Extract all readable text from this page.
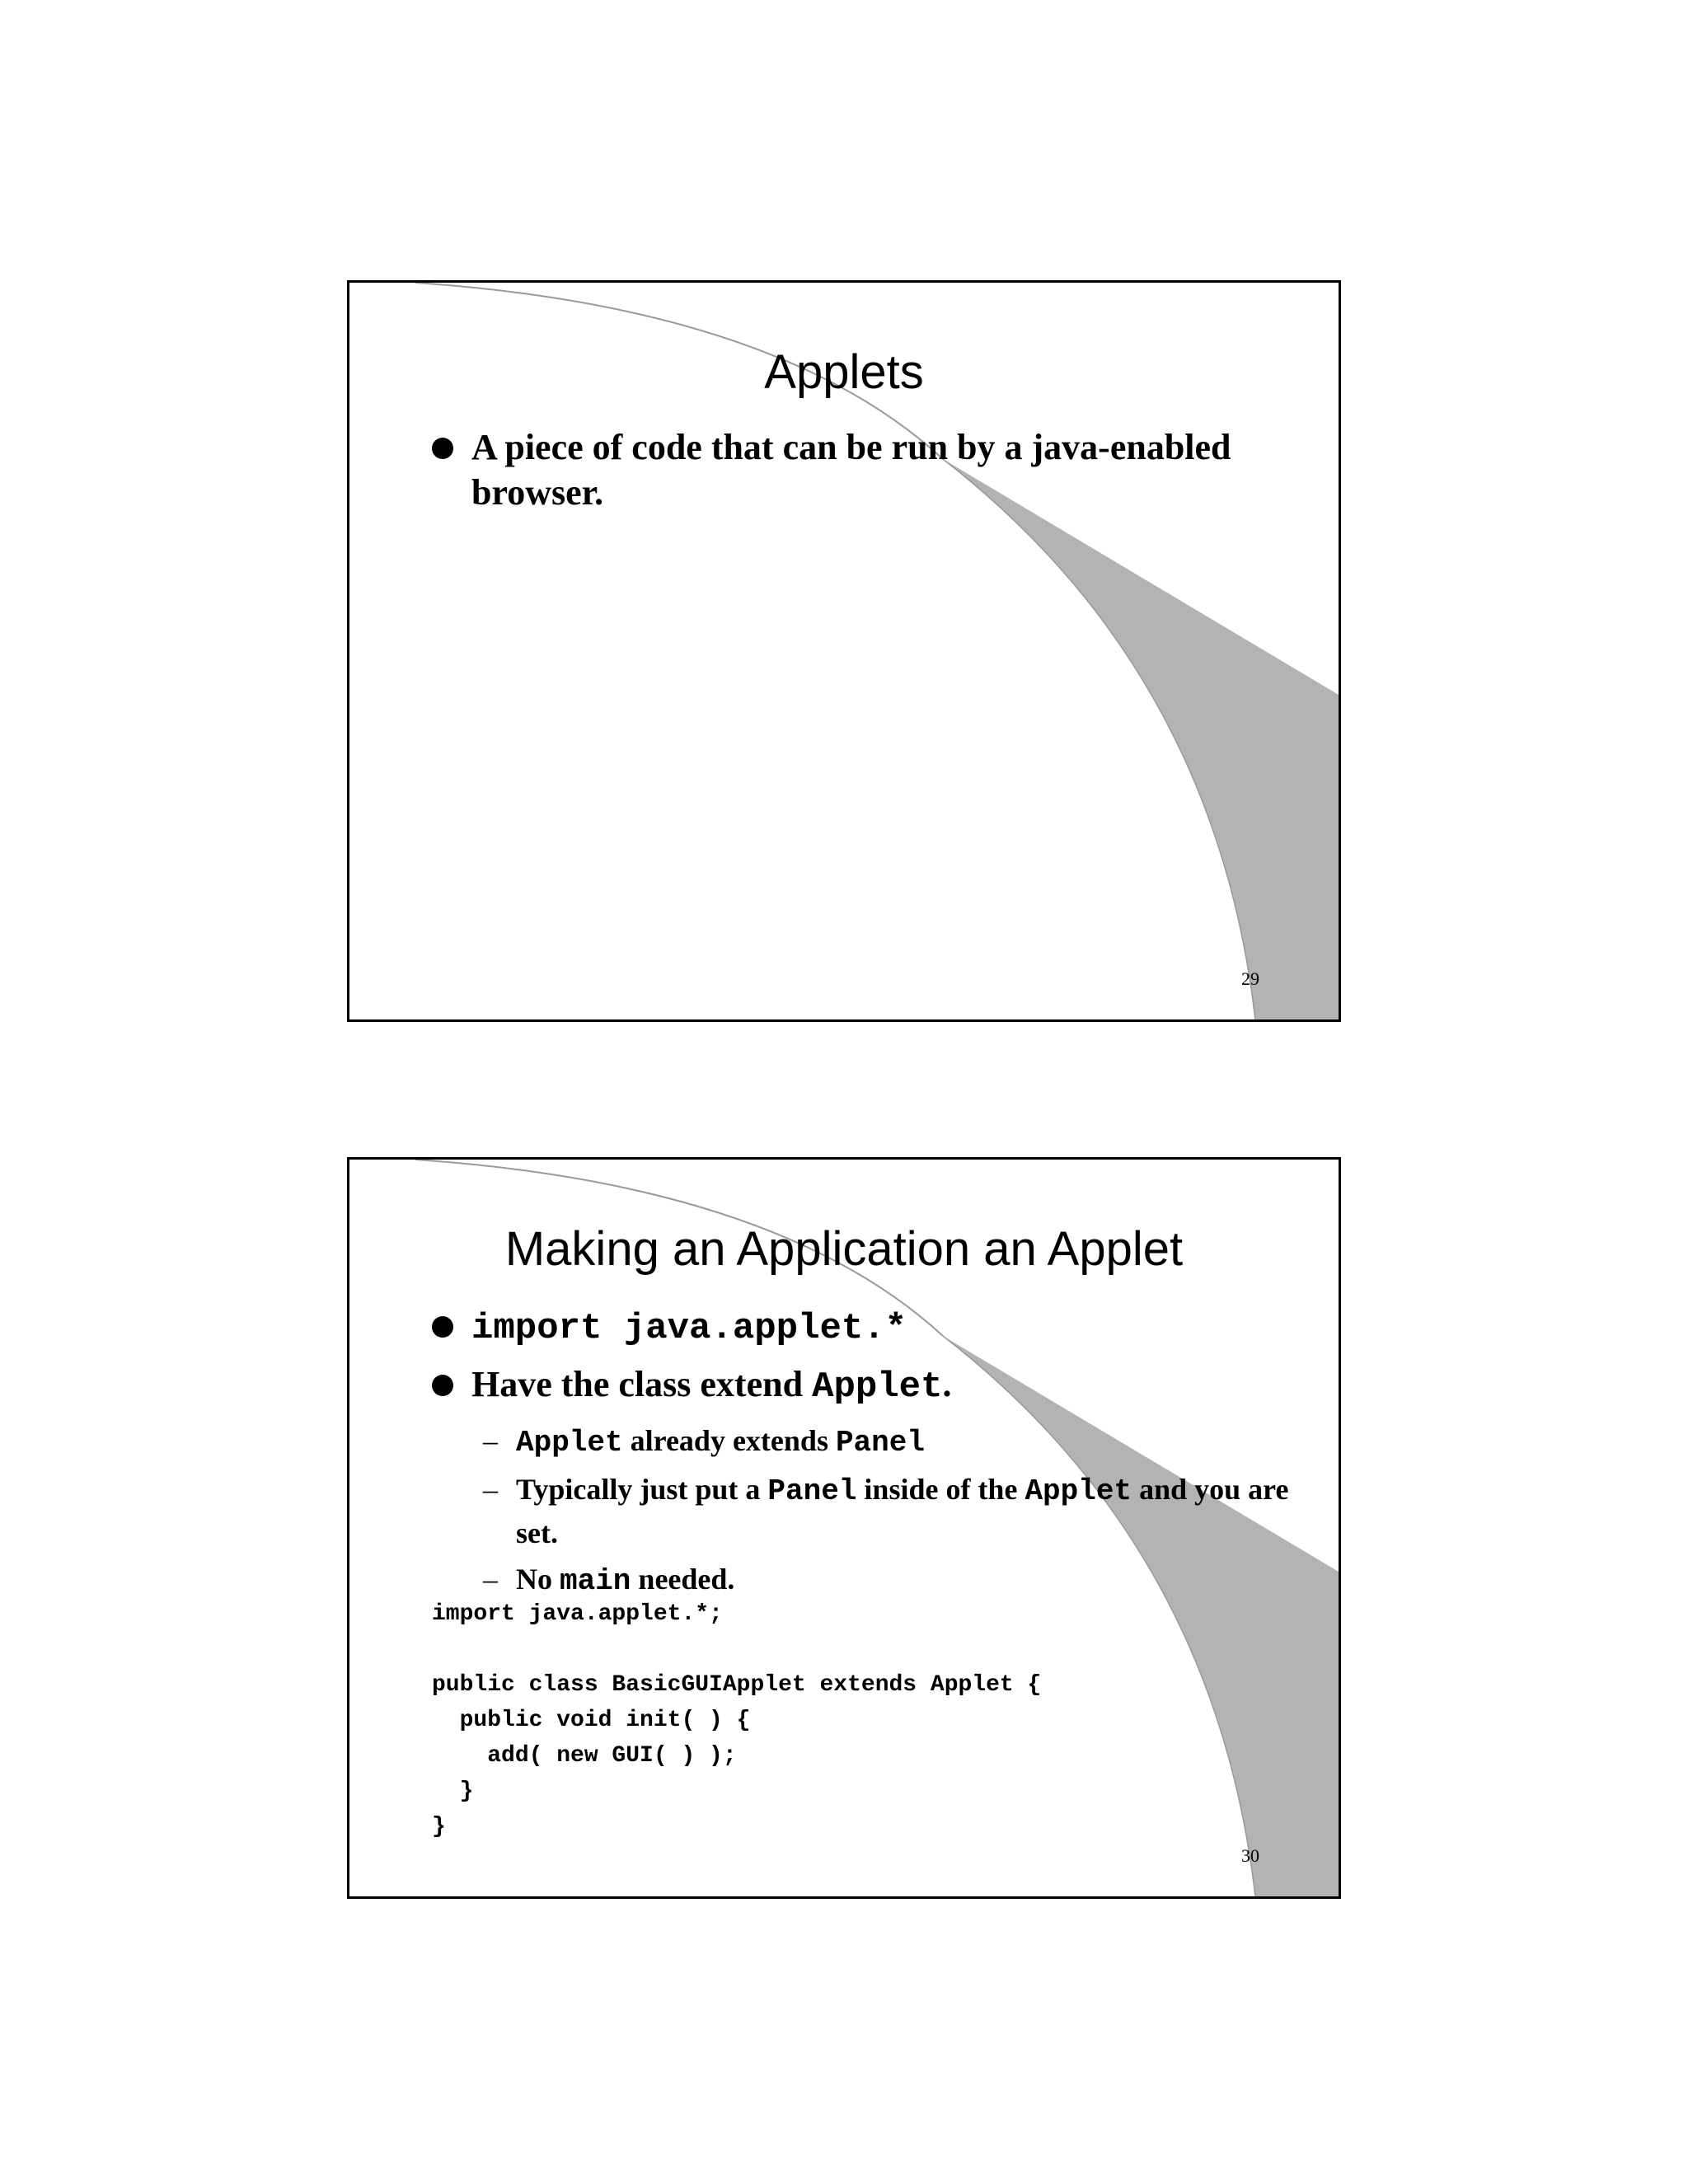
Applets
A piece of code that can be run by a java-enabled browser.
29
Making an Application an Applet
import java.applet.*
Have the class extend Applet.
– Applet already extends Panel
– Typically just put a Panel inside of the Applet and you are set.
– No main needed.
import java.applet.*;

public class BasicGUIApplet extends Applet {
public void init( ) {
add( new GUI( ) );
}
}
30
